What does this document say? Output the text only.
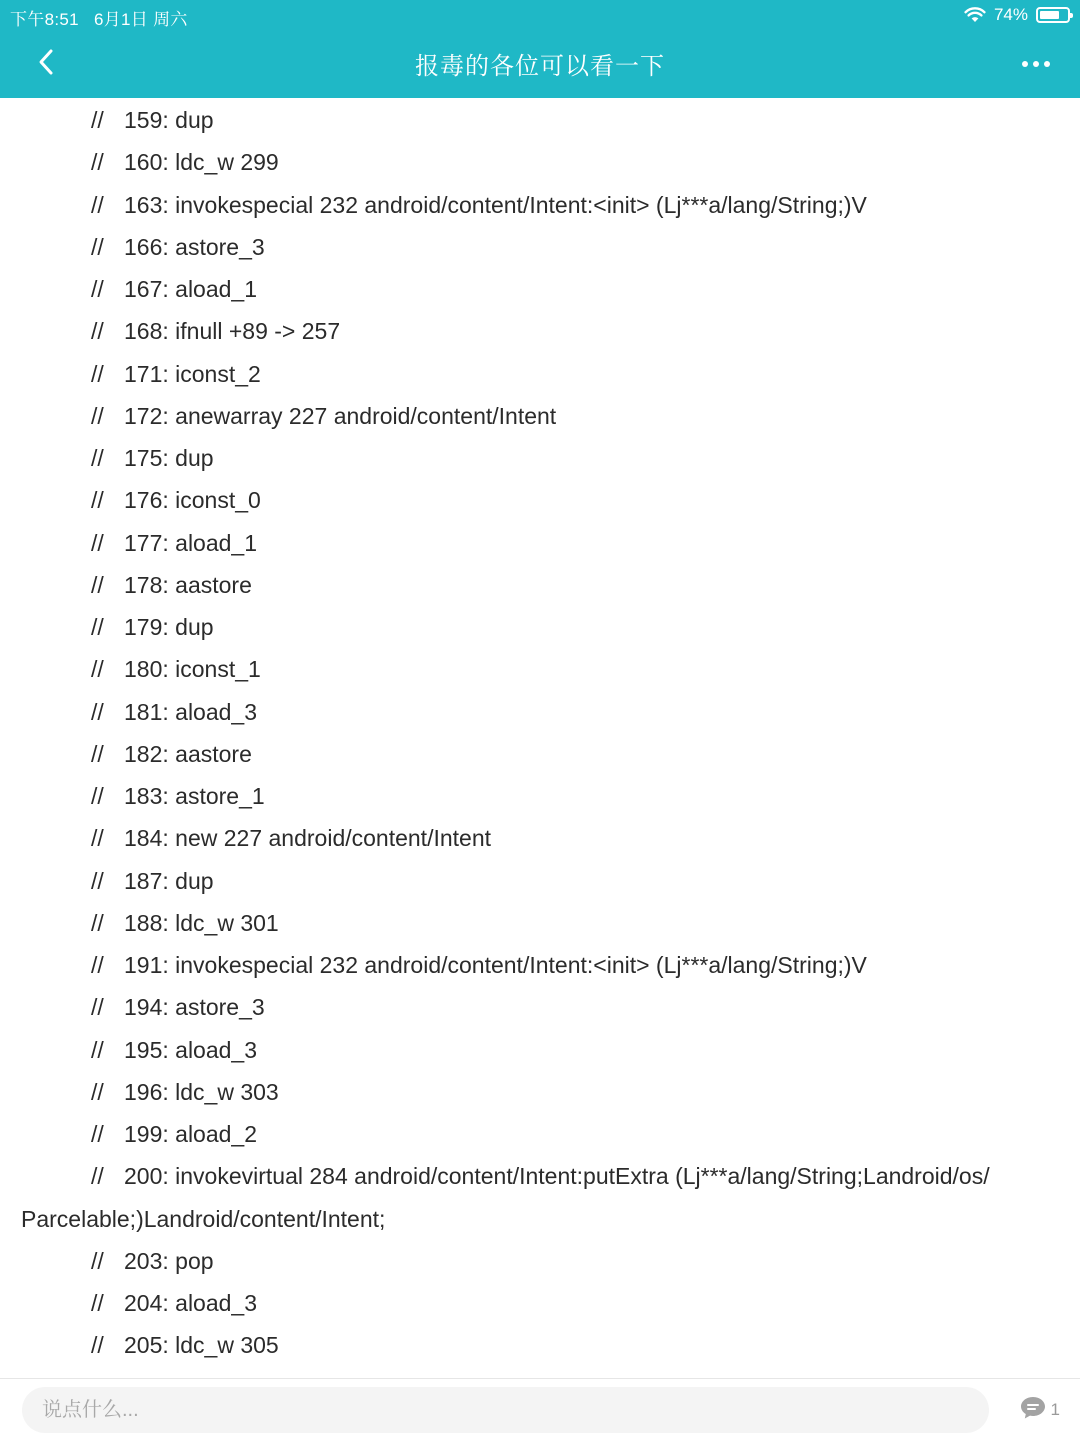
下午8:51 6月1日 周六	74%
报毒的各位可以看一下
// 159: dup
// 160: ldc_w 299
// 163: invokespecial 232 android/content/Intent:<init> (Lj***a/lang/String;)V
// 166: astore_3
// 167: aload_1
// 168: ifnull +89 -> 257
// 171: iconst_2
// 172: anewarray 227 android/content/Intent
// 175: dup
// 176: iconst_0
// 177: aload_1
// 178: aastore
// 179: dup
// 180: iconst_1
// 181: aload_3
// 182: aastore
// 183: astore_1
// 184: new 227 android/content/Intent
// 187: dup
// 188: ldc_w 301
// 191: invokespecial 232 android/content/Intent:<init> (Lj***a/lang/String;)V
// 194: astore_3
// 195: aload_3
// 196: ldc_w 303
// 199: aload_2
// 200: invokevirtual 284 android/content/Intent:putExtra (Lj***a/lang/String;Landroid/os/
Parcelable;)Landroid/content/Intent;
// 203: pop
// 204: aload_3
// 205: ldc_w 305
说点什么...
1
